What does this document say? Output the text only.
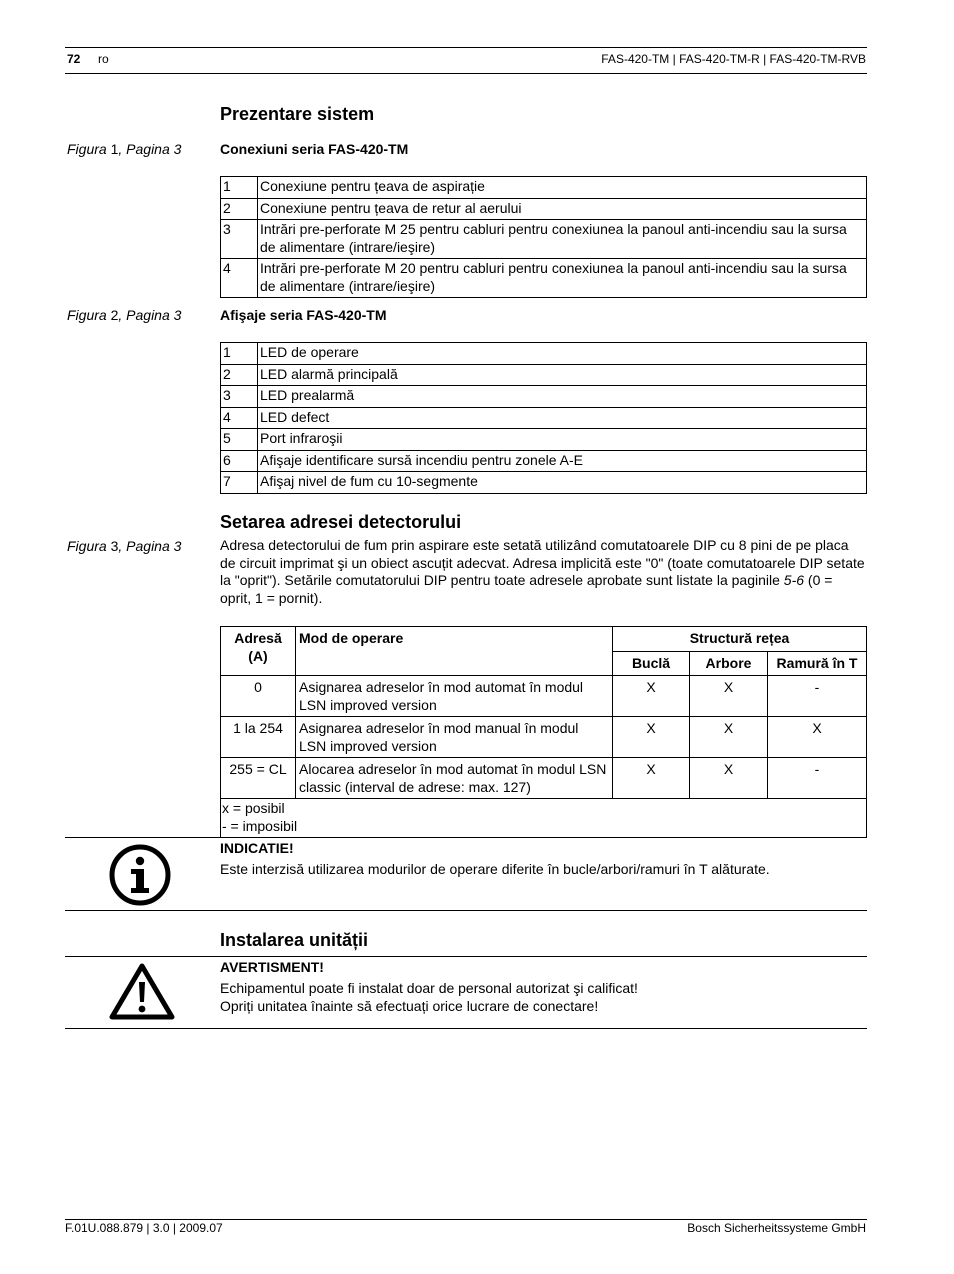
72 ro	FAS-420-TM | FAS-420-TM-R | FAS-420-TM-RVB
Prezentare sistem
Figura 1, Pagina 3	Conexiuni seria FAS-420-TM
1	Conexiune pentru țeava de aspirație
2	Conexiune pentru țeava de retur al aerului
3	Intrări pre-perforate M 25 pentru cabluri pentru conexiunea la panoul anti-incendiu sau la sursa de alimentare (intrare/ieşire)
4	Intrări pre-perforate M 20 pentru cabluri pentru conexiunea la panoul anti-incendiu sau la sursa de alimentare (intrare/ieşire)
Figura 2, Pagina 3	Afişaje seria FAS-420-TM
1	LED de operare
2	LED alarmă principală
3	LED prealarmă
4	LED defect
5	Port infraroşii
6	Afişaje identificare sursă incendiu pentru zonele A-E
7	Afişaj nivel de fum cu 10-segmente
Setarea adresei detectorului
Figura 3, Pagina 3	Adresa detectorului de fum prin aspirare este setată utilizând comutatoarele DIP cu 8 pini de pe placa de circuit imprimat şi un obiect ascuțit adecvat. Adresa implicită este "0" (toate comutatoarele DIP setate la "oprit"). Setările comutatorului DIP pentru toate adresele aprobate sunt listate la paginile 5-6 (0 = oprit, 1 = pornit).
Adresă (A)	Mod de operare	Structură rețea		
		Buclă	Arbore	Ramură în T
0	Asignarea adreselor în mod automat în modul LSN improved version	X	X	-
1 la 254	Asignarea adreselor în mod manual în modul LSN improved version	X	X	X
255 = CL	Alocarea adreselor în mod automat în modul LSN classic (interval de adrese: max. 127)	X	X	-

x = posibil
- = imposibil				
INDICATIE!
Este interzisă utilizarea modurilor de operare diferite în bucle/arbori/ramuri în T alăturate.
Instalarea unității
AVERTISMENT!
Echipamentul poate fi instalat doar de personal autorizat şi calificat!
Opriți unitatea înainte să efectuați orice lucrare de conectare!
F.01U.088.879 | 3.0 | 2009.07	Bosch Sicherheitssysteme GmbH
